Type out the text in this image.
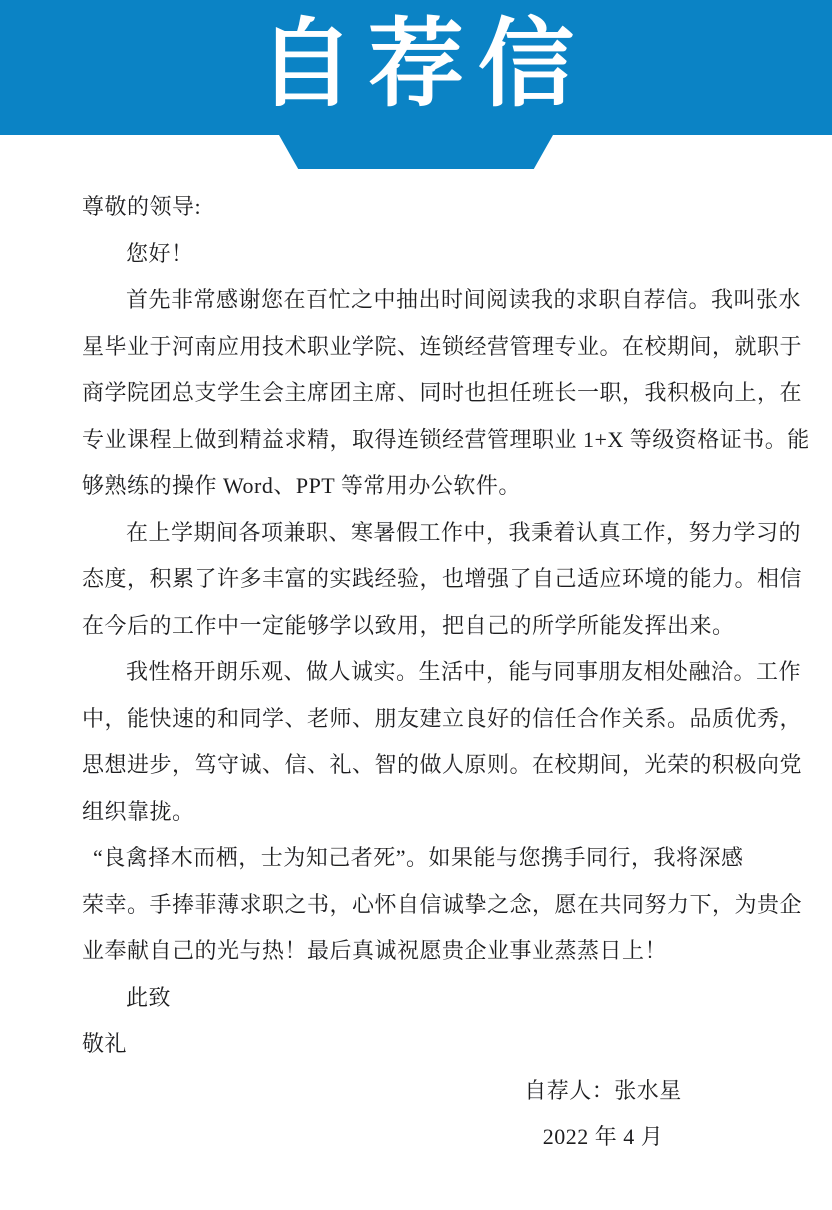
自荐信
尊敬的领导:
您好！
首先非常感谢您在百忙之中抽出时间阅读我的求职自荐信。我叫张水
星毕业于河南应用技术职业学院、连锁经营管理专业。在校期间，就职于
商学院团总支学生会主席团主席、同时也担任班长一职，我积极向上，在
专业课程上做到精益求精，取得连锁经营管理职业 1+X 等级资格证书。能
够熟练的操作 Word、PPT 等常用办公软件。
在上学期间各项兼职、寒暑假工作中，我秉着认真工作，努力学习的
态度，积累了许多丰富的实践经验，也增强了自己适应环境的能力。相信
在今后的工作中一定能够学以致用，把自己的所学所能发挥出来。
我性格开朗乐观、做人诚实。生活中，能与同事朋友相处融洽。工作
中，能快速的和同学、老师、朋友建立良好的信任合作关系。品质优秀，
思想进步，笃守诚、信、礼、智的做人原则。在校期间，光荣的积极向党
组织靠拢。
“良禽择木而栖，士为知己者死”。如果能与您携手同行，我将深感
荣幸。手捧菲薄求职之书，心怀自信诚挚之念，愿在共同努力下，为贵企
业奉献自己的光与热！最后真诚祝愿贵企业事业蒸蒸日上！
此致
敬礼
自荐人：张水星
2022 年 4 月
